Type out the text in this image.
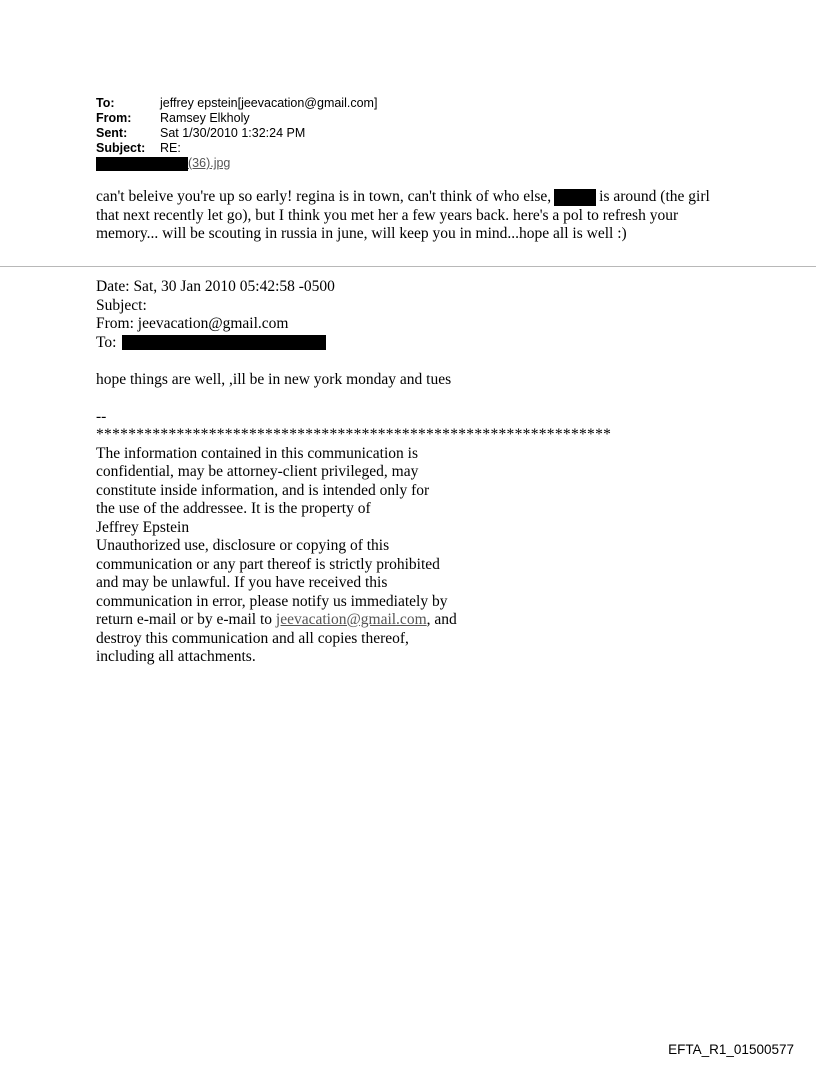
To:	jeffrey epstein[jeevacation@gmail.com]
From:	Ramsey Elkholy
Sent:	Sat 1/30/2010 1:32:24 PM
Subject:	RE:
(36).jpg
can't beleive you're up so early! regina is in town, can't think of who else,	is around (the girl
that next recently let go), but I think you met her a few years back. here's a pol to refresh your
memory... will be scouting in russia in june, will keep you in mind...hope all is well :)
Date: Sat, 30 Jan 2010 05:42:58 -0500
Subject:
From: jeevacation@gmail.com
To:
hope things are well, ,ill be in new york monday and tues
--
****************************************************************
The information contained in this communication is
confidential, may be attorney-client privileged, may
constitute inside information, and is intended only for
the use of the addressee. It is the property of
Jeffrey Epstein
Unauthorized use, disclosure or copying of this
communication or any part thereof is strictly prohibited
and may be unlawful. If you have received this
communication in error, please notify us immediately by
return e-mail or by e-mail to jeevacation@gmail.com , and
destroy this communication and all copies thereof,
including all attachments.
EFTA_R1_01500577
